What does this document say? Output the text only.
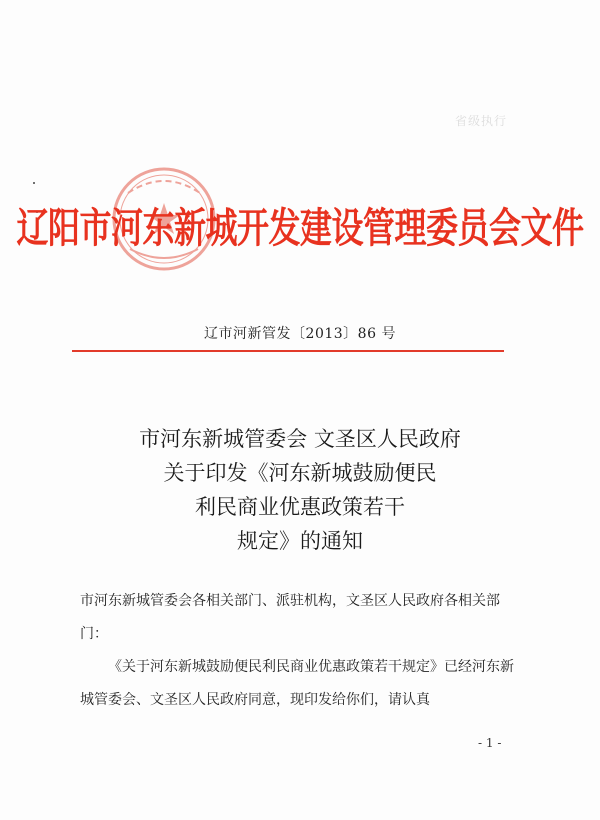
省级执行
辽阳市河东新城开发建设管理委员会文件
辽市河新管发〔2013〕86 号
市河东新城管委会 文圣区人民政府
关于印发《河东新城鼓励便民
利民商业优惠政策若干
规定》的通知

市河东新城管委会各相关部门、派驻机构，文圣区人民政府各相关部门：

《关于河东新城鼓励便民利民商业优惠政策若干规定》已经河东新城管委会、文圣区人民政府同意，现印发给你们，请认真

- 1 -
